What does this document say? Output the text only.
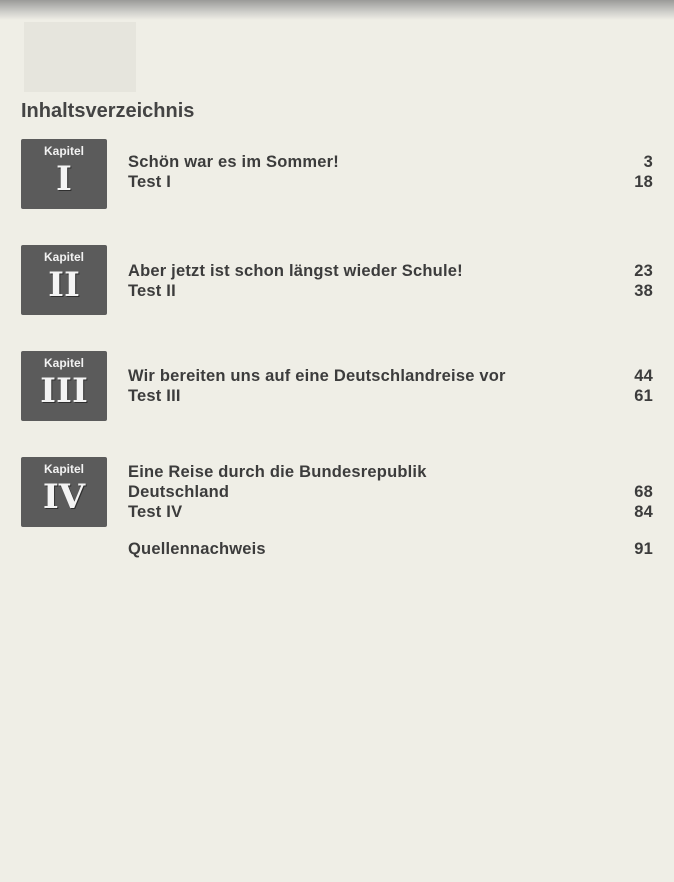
Inhaltsverzeichnis
Kapitel
I	Schön war es im Sommer!	3
Test I	18
Kapitel
II	Aber jetzt ist schon längst wieder Schule!	23
Test II	38
Kapitel
III	Wir bereiten uns auf eine Deutschlandreise vor	44
Test III	61
Kapitel
IV
Eine Reise durch die Bundesrepublik
Deutschland	68
Test IV	84
Quellennachweis	91
